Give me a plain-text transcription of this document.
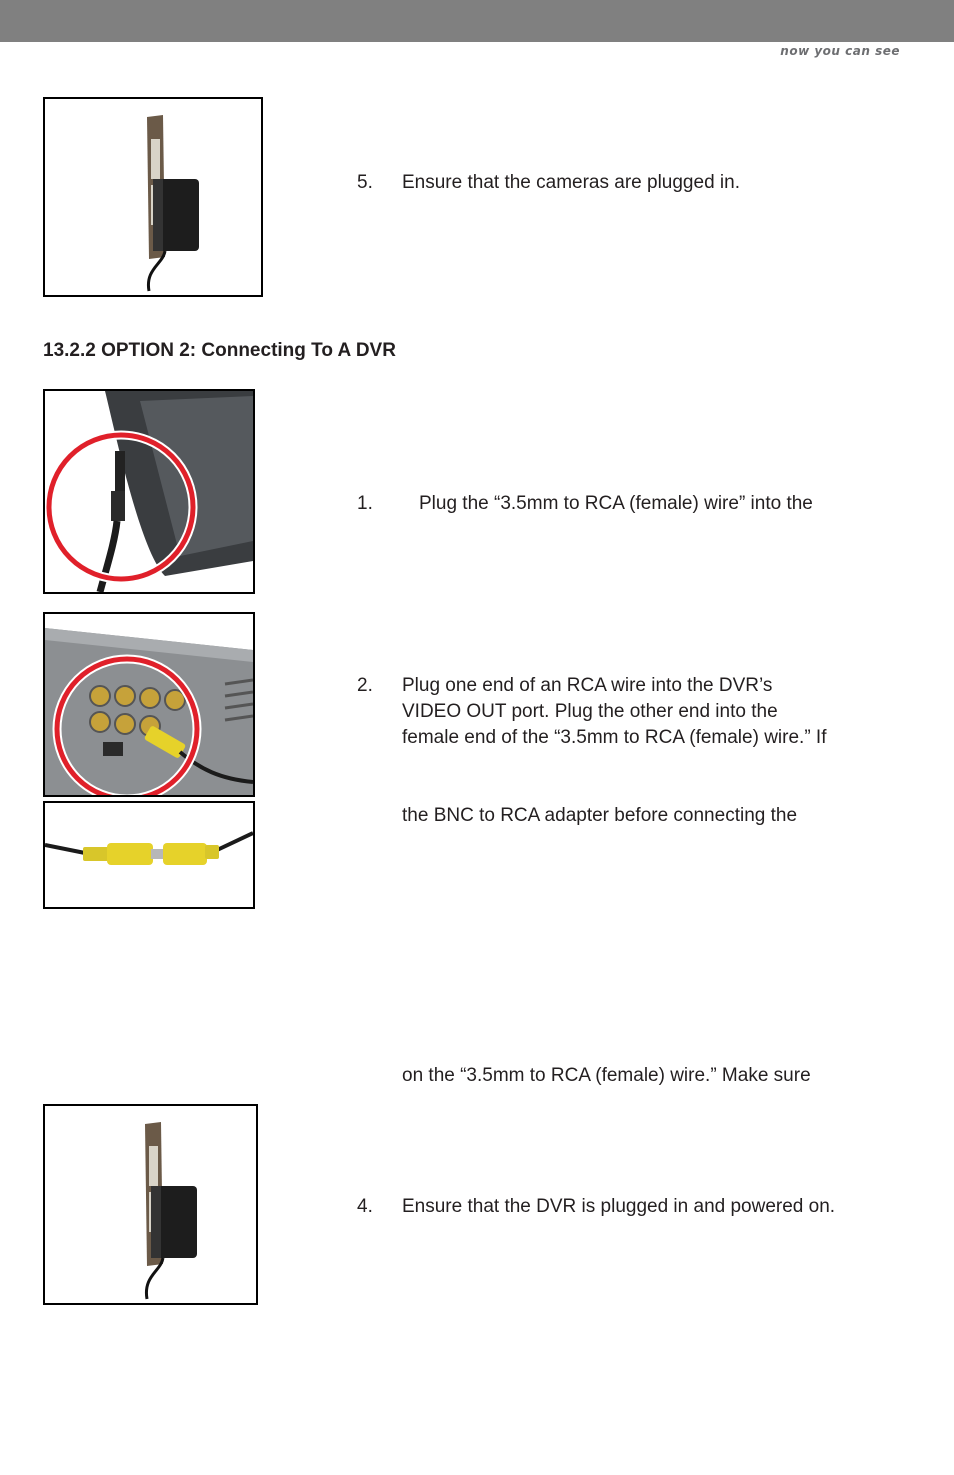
now you can see
5. Ensure that the cameras are plugged in.
13.2.2 OPTION 2: Connecting To A DVR
1. Plug the “3.5mm to RCA (female) wire” into the
2. Plug one end of an RCA wire into the DVR’s
VIDEO OUT port. Plug the other end into the
female end of the “3.5mm to RCA (female) wire.” If
the BNC to RCA adapter before connecting the
on the “3.5mm to RCA (female) wire.” Make sure
4. Ensure that the DVR is plugged in and powered on.
